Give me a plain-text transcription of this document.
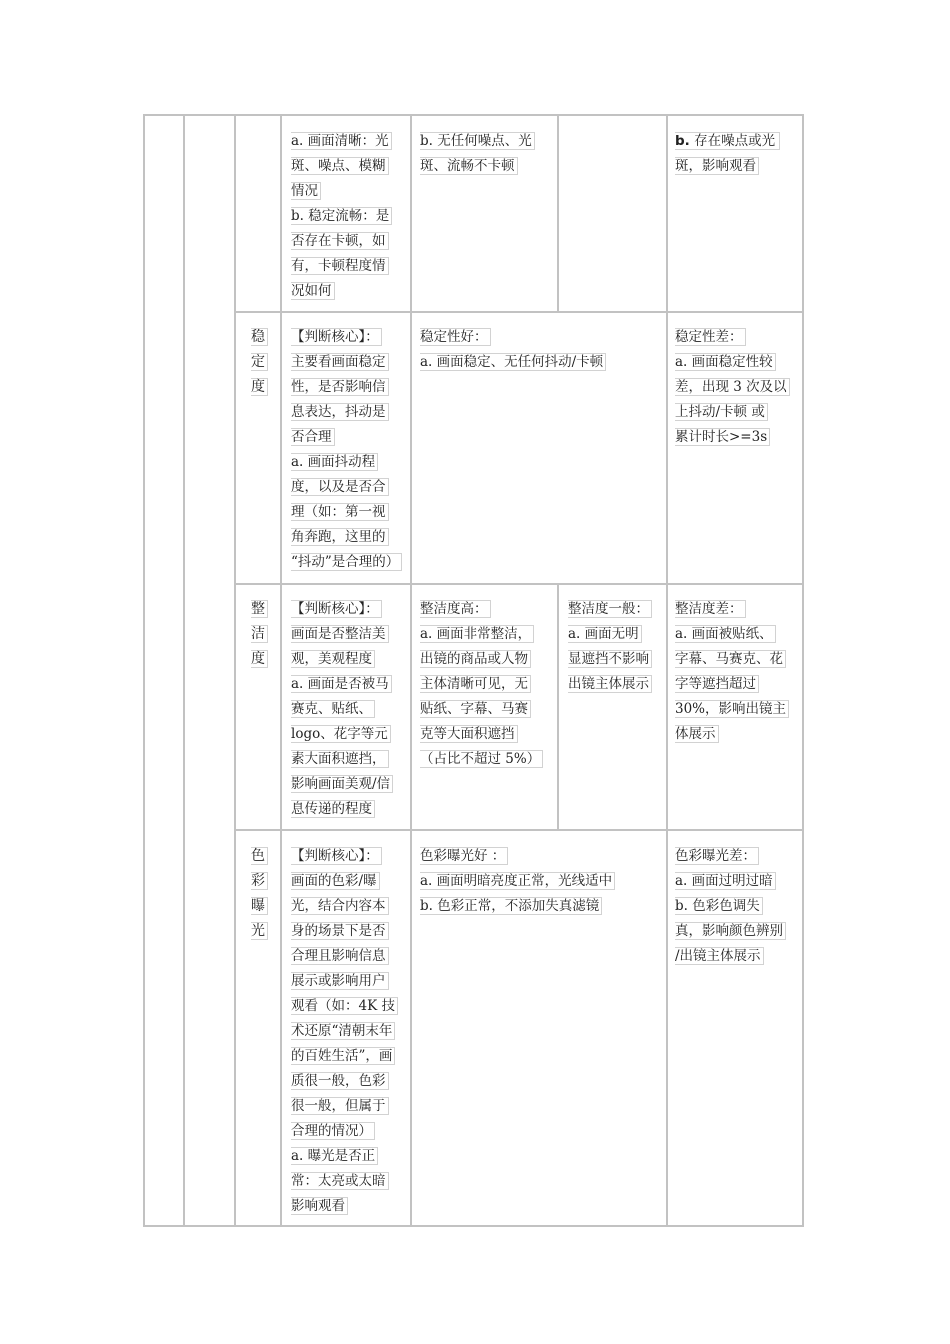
a. 画面清晰：光
斑、噪点、模糊
情况
b. 稳定流畅：是
否存在卡顿，如
有，卡顿程度情
况如何
b. 无任何噪点、光
斑、流畅不卡顿
b. 存在噪点或光
斑，影响观看
稳
定
度
【判断核心】：
主要看画面稳定
性，是否影响信
息表达，抖动是
否合理
a. 画面抖动程
度，以及是否合
理（如：第一视
角奔跑，这里的
“抖动”是合理的）
稳定性好：
a. 画面稳定、无任何抖动/卡顿
稳定性差：
a. 画面稳定性较
差，出现 3 次及以
上抖动/卡顿 或
累计时长>=3s
整
洁
度
【判断核心】：
画面是否整洁美
观，美观程度
a. 画面是否被马
赛克、贴纸、
logo、花字等元
素大面积遮挡，
影响画面美观/信
息传递的程度
整洁度高：
a. 画面非常整洁，
出镜的商品或人物
主体清晰可见，无
贴纸、字幕、马赛
克等大面积遮挡
（占比不超过 5%）
整洁度一般：
a. 画面无明
显遮挡不影响
出镜主体展示
整洁度差：
a. 画面被贴纸、
字幕、马赛克、花
字等遮挡超过
30%，影响出镜主
体展示
色
彩
曝
光
【判断核心】：
画面的色彩/曝
光，结合内容本
身的场景下是否
合理且影响信息
展示或影响用户
观看（如：4K 技
术还原“清朝末年
的百姓生活”，画
质很一般，色彩
很一般，但属于
合理的情况）
a. 曝光是否正
常：太亮或太暗
影响观看
色彩曝光好 ：
a. 画面明暗亮度正常，光线适中
b. 色彩正常，不添加失真滤镜
色彩曝光差：
a. 画面过明过暗
b. 色彩色调失
真，影响颜色辨别
/出镜主体展示
